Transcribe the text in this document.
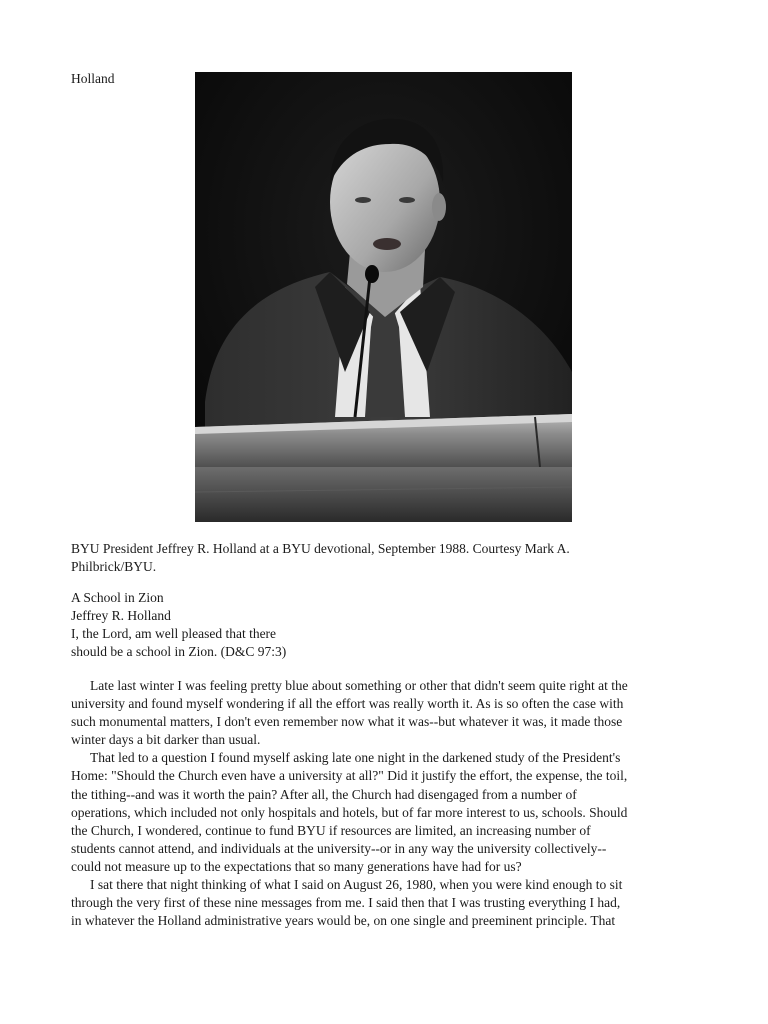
Holland
BYU President Jeffrey R. Holland at a BYU devotional, September 1988. Courtesy Mark A.
Philbrick/BYU.
A School in Zion
Jeffrey R. Holland
I, the Lord, am well pleased that there
should be a school in Zion. (D&C 97:3)
Late last winter I was feeling pretty blue about something or other that didn't seem quite right at the
university and found myself wondering if all the effort was really worth it. As is so often the case with
such monumental matters, I don't even remember now what it was--but whatever it was, it made those
winter days a bit darker than usual.
That led to a question I found myself asking late one night in the darkened study of the President's
Home: "Should the Church even have a university at all?" Did it justify the effort, the expense, the toil,
the tithing--and was it worth the pain? After all, the Church had disengaged from a number of
operations, which included not only hospitals and hotels, but of far more interest to us, schools. Should
the Church, I wondered, continue to fund BYU if resources are limited, an increasing number of
students cannot attend, and individuals at the university--or in any way the university collectively--
could not measure up to the expectations that so many generations have had for us?
I sat there that night thinking of what I said on August 26, 1980, when you were kind enough to sit
through the very first of these nine messages from me. I said then that I was trusting everything I had,
in whatever the Holland administrative years would be, on one single and preeminent principle. That
